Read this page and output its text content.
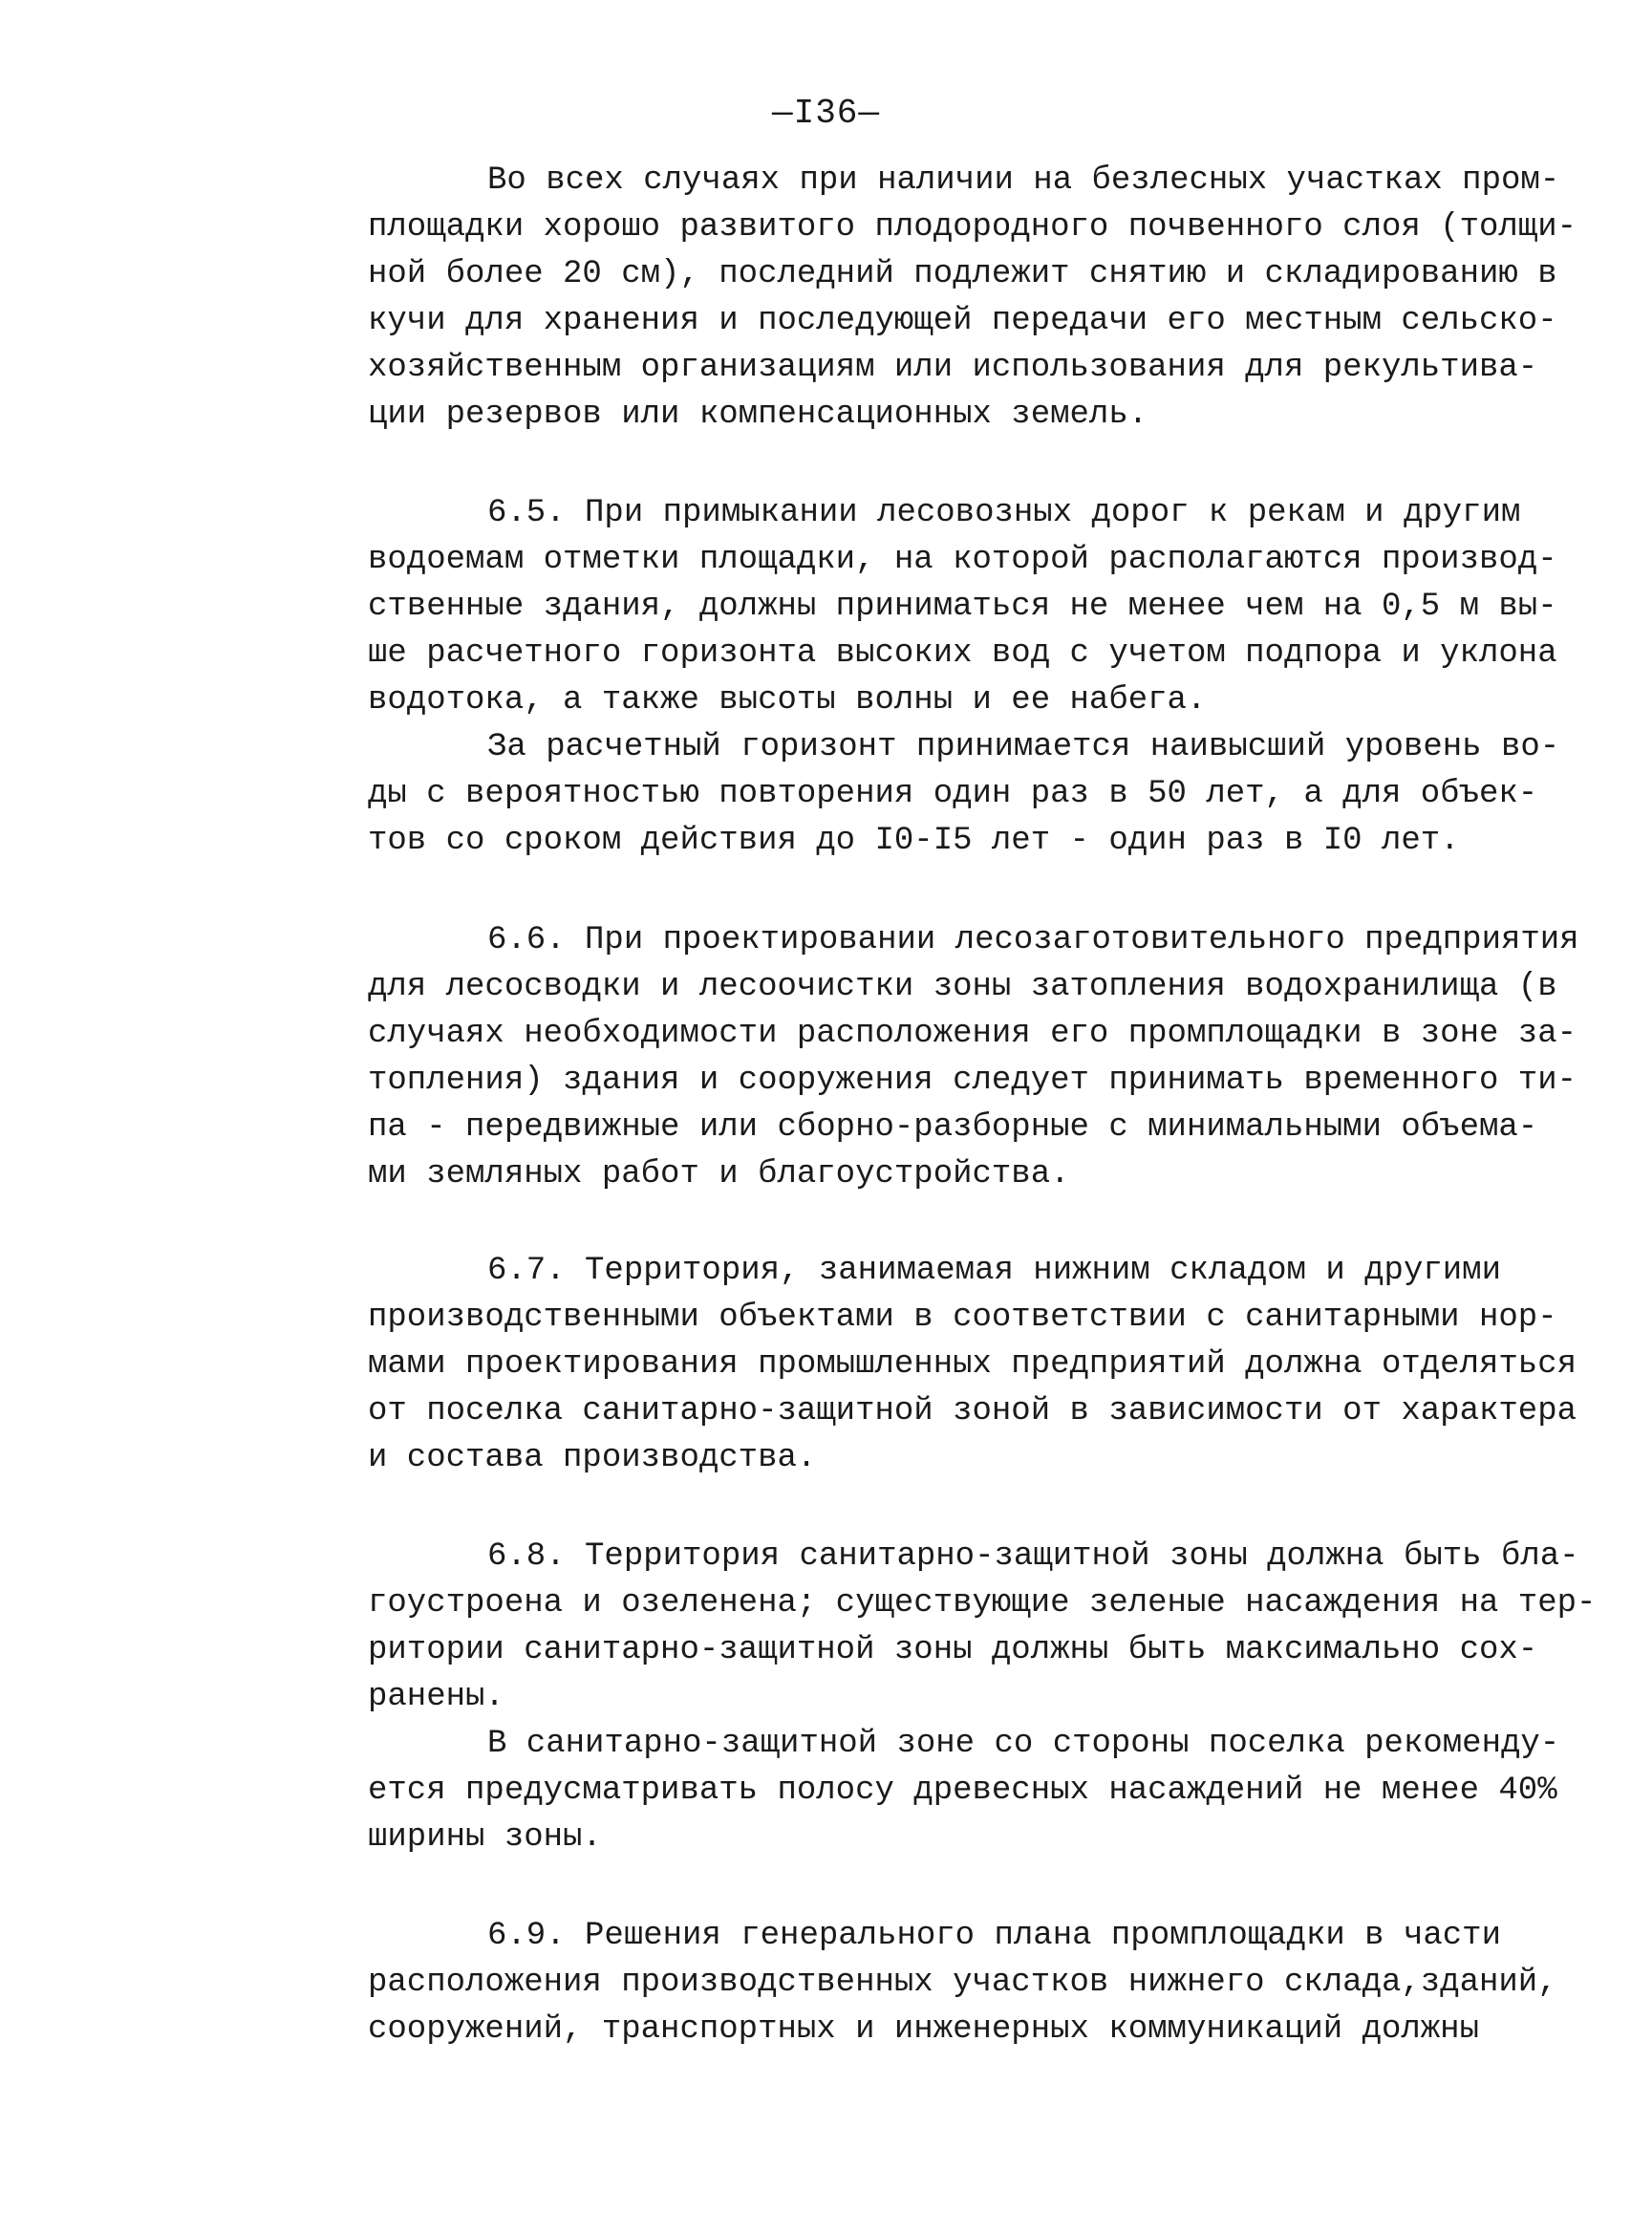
—I36—
Во всех случаях при наличии на безлесных участках пром-
площадки хорошо развитого плодородного почвенного слоя (толщи-
ной более 20 см), последний подлежит снятию и складированию в
кучи для хранения и последующей передачи его местным сельско-
хозяйственным организациям или использования для рекультива-
ции резервов или компенсационных земель.
6.5. При примыкании лесовозных дорог к рекам и другим
водоемам отметки площадки, на которой располагаются производ-
ственные здания, должны приниматься не менее чем на 0,5 м вы-
ше расчетного горизонта высоких вод с учетом подпора и уклона
водотока, а также высоты волны и ее набега.
За расчетный горизонт принимается наивысший уровень во-
ды с вероятностью повторения один раз в 50 лет, а для объек-
тов со сроком действия до I0-I5 лет - один раз в I0 лет.
6.6. При проектировании лесозаготовительного предприятия
для лесосводки и лесоочистки зоны затопления водохранилища (в
случаях необходимости расположения его промплощадки в зоне за-
топления) здания и сооружения следует принимать временного ти-
па - передвижные или сборно-разборные с минимальными объема-
ми земляных работ и благоустройства.
6.7. Территория, занимаемая нижним складом и другими
производственными объектами в соответствии с санитарными нор-
мами проектирования промышленных предприятий должна отделяться
от поселка санитарно-защитной зоной в зависимости от характера
и состава производства.
6.8. Территория санитарно-защитной зоны должна быть бла-
гоустроена и озеленена; существующие зеленые насаждения на тер-
ритории санитарно-защитной зоны должны быть максимально сох-
ранены.
В санитарно-защитной зоне со стороны поселка рекоменду-
ется предусматривать полосу древесных насаждений не менее 40%
ширины зоны.
6.9. Решения генерального плана промплощадки в части
расположения производственных участков нижнего склада,зданий,
сооружений, транспортных и инженерных коммуникаций должны
